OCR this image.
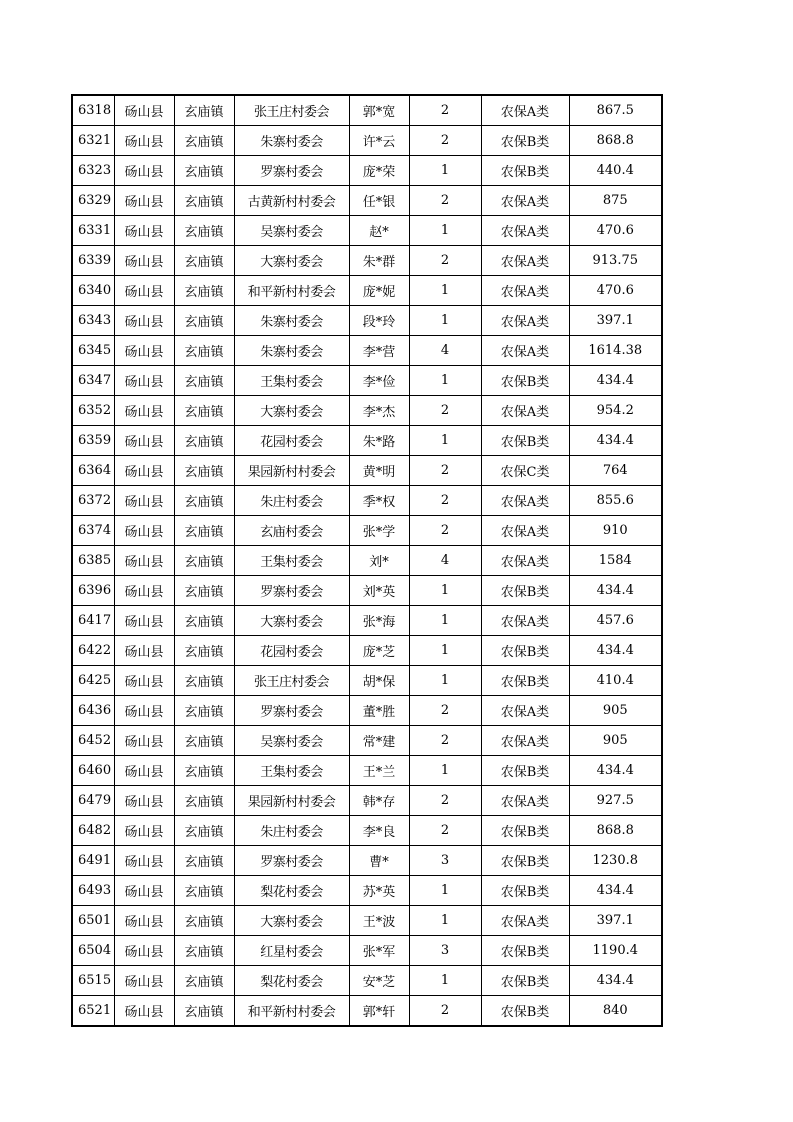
6318	砀山县	玄庙镇	张王庄村委会	郭*宽	2	农保A类	867.5
6321	砀山县	玄庙镇	朱寨村委会	许*云	2	农保B类	868.8
6323	砀山县	玄庙镇	罗寨村委会	庞*荣	1	农保B类	440.4
6329	砀山县	玄庙镇	古黄新村村委会	任*银	2	农保A类	875
6331	砀山县	玄庙镇	吴寨村委会	赵*	1	农保A类	470.6
6339	砀山县	玄庙镇	大寨村委会	朱*群	2	农保A类	913.75
6340	砀山县	玄庙镇	和平新村村委会	庞*妮	1	农保A类	470.6
6343	砀山县	玄庙镇	朱寨村委会	段*玲	1	农保A类	397.1
6345	砀山县	玄庙镇	朱寨村委会	李*营	4	农保A类	1614.38
6347	砀山县	玄庙镇	王集村委会	李*俭	1	农保B类	434.4
6352	砀山县	玄庙镇	大寨村委会	李*杰	2	农保A类	954.2
6359	砀山县	玄庙镇	花园村委会	朱*路	1	农保B类	434.4
6364	砀山县	玄庙镇	果园新村村委会	黄*明	2	农保C类	764
6372	砀山县	玄庙镇	朱庄村委会	季*权	2	农保A类	855.6
6374	砀山县	玄庙镇	玄庙村委会	张*学	2	农保A类	910
6385	砀山县	玄庙镇	王集村委会	刘*	4	农保A类	1584
6396	砀山县	玄庙镇	罗寨村委会	刘*英	1	农保B类	434.4
6417	砀山县	玄庙镇	大寨村委会	张*海	1	农保A类	457.6
6422	砀山县	玄庙镇	花园村委会	庞*芝	1	农保B类	434.4
6425	砀山县	玄庙镇	张王庄村委会	胡*保	1	农保B类	410.4
6436	砀山县	玄庙镇	罗寨村委会	董*胜	2	农保A类	905
6452	砀山县	玄庙镇	吴寨村委会	常*建	2	农保A类	905
6460	砀山县	玄庙镇	王集村委会	王*兰	1	农保B类	434.4
6479	砀山县	玄庙镇	果园新村村委会	韩*存	2	农保A类	927.5
6482	砀山县	玄庙镇	朱庄村委会	李*良	2	农保B类	868.8
6491	砀山县	玄庙镇	罗寨村委会	曹*	3	农保B类	1230.8
6493	砀山县	玄庙镇	梨花村委会	苏*英	1	农保B类	434.4
6501	砀山县	玄庙镇	大寨村委会	王*波	1	农保A类	397.1
6504	砀山县	玄庙镇	红星村委会	张*军	3	农保B类	1190.4
6515	砀山县	玄庙镇	梨花村委会	安*芝	1	农保B类	434.4
6521	砀山县	玄庙镇	和平新村村委会	郭*轩	2	农保B类	840
